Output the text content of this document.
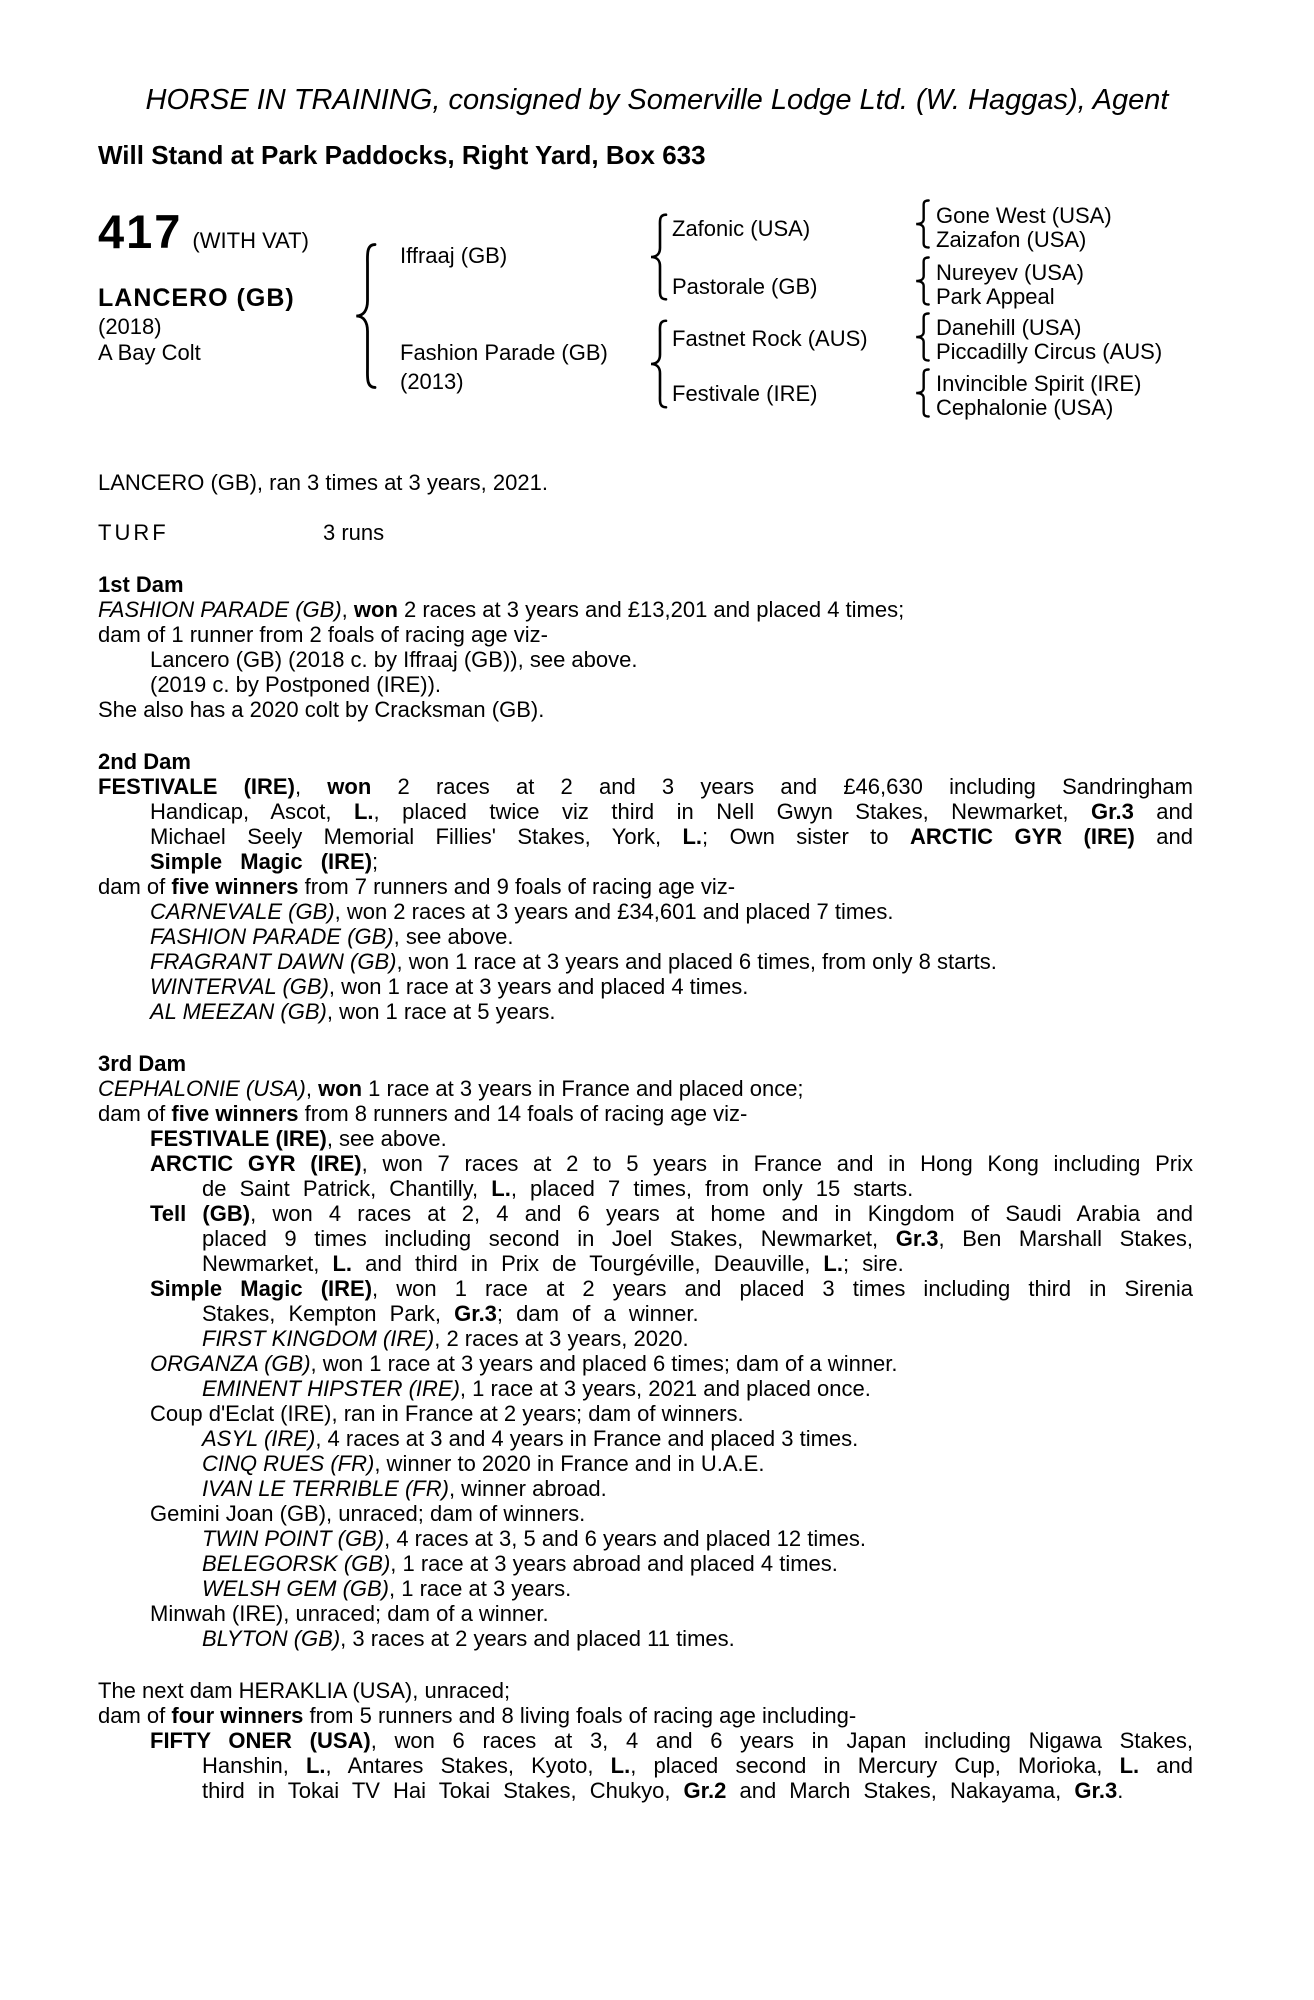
HORSE IN TRAINING, consigned by Somerville Lodge Ltd. (W. Haggas), Agent
Will Stand at Park Paddocks, Right Yard, Box 633
417 (WITH VAT)
LANCERO (GB)
(2018)
A Bay Colt
Iffraaj (GB)
Fashion Parade (GB)
(2013)
Zafonic (USA)
Pastorale (GB)
Fastnet Rock (AUS)
Festivale (IRE)
Gone West (USA)
Zaizafon (USA)
Nureyev (USA)
Park Appeal
Danehill (USA)
Piccadilly Circus (AUS)
Invincible Spirit (IRE)
Cephalonie (USA)

LANCERO (GB), ran 3 times at 3 years, 2021.

TURF	3 runs

1st Dam

FASHION PARADE (GB), won 2 races at 3 years and £13,201 and placed 4 times;

dam of 1 runner from 2 foals of racing age viz-

Lancero (GB) (2018 c. by Iffraaj (GB)), see above.

(2019 c. by Postponed (IRE)).

She also has a 2020 colt by Cracksman (GB).

2nd Dam

FESTIVALE (IRE), won 2 races at 2 and 3 years and £46,630 including Sandringham Handicap, Ascot, L., placed twice viz third in Nell Gwyn Stakes, Newmarket, Gr.3 and Michael Seely Memorial Fillies' Stakes, York, L.; Own sister to ARCTIC GYR (IRE) and Simple Magic (IRE);

dam of five winners from 7 runners and 9 foals of racing age viz-

CARNEVALE (GB), won 2 races at 3 years and £34,601 and placed 7 times.

FASHION PARADE (GB), see above.

FRAGRANT DAWN (GB), won 1 race at 3 years and placed 6 times, from only 8 starts.

WINTERVAL (GB), won 1 race at 3 years and placed 4 times.

AL MEEZAN (GB), won 1 race at 5 years.

3rd Dam

CEPHALONIE (USA), won 1 race at 3 years in France and placed once;

dam of five winners from 8 runners and 14 foals of racing age viz-

FESTIVALE (IRE), see above.

ARCTIC GYR (IRE), won 7 races at 2 to 5 years in France and in Hong Kong including Prix de Saint Patrick, Chantilly, L., placed 7 times, from only 15 starts.

Tell (GB), won 4 races at 2, 4 and 6 years at home and in Kingdom of Saudi Arabia and placed 9 times including second in Joel Stakes, Newmarket, Gr.3, Ben Marshall Stakes, Newmarket, L. and third in Prix de Tourgéville, Deauville, L.; sire.

Simple Magic (IRE), won 1 race at 2 years and placed 3 times including third in Sirenia Stakes, Kempton Park, Gr.3; dam of a winner.

FIRST KINGDOM (IRE), 2 races at 3 years, 2020.

ORGANZA (GB), won 1 race at 3 years and placed 6 times; dam of a winner.

EMINENT HIPSTER (IRE), 1 race at 3 years, 2021 and placed once.

Coup d'Eclat (IRE), ran in France at 2 years; dam of winners.

ASYL (IRE), 4 races at 3 and 4 years in France and placed 3 times.

CINQ RUES (FR), winner to 2020 in France and in U.A.E.

IVAN LE TERRIBLE (FR), winner abroad.

Gemini Joan (GB), unraced; dam of winners.

TWIN POINT (GB), 4 races at 3, 5 and 6 years and placed 12 times.

BELEGORSK (GB), 1 race at 3 years abroad and placed 4 times.

WELSH GEM (GB), 1 race at 3 years.

Minwah (IRE), unraced; dam of a winner.

BLYTON (GB), 3 races at 2 years and placed 11 times.

The next dam HERAKLIA (USA), unraced;

dam of four winners from 5 runners and 8 living foals of racing age including-

FIFTY ONER (USA), won 6 races at 3, 4 and 6 years in Japan including Nigawa Stakes, Hanshin, L., Antares Stakes, Kyoto, L., placed second in Mercury Cup, Morioka, L. and third in Tokai TV Hai Tokai Stakes, Chukyo, Gr.2 and March Stakes, Nakayama, Gr.3.
